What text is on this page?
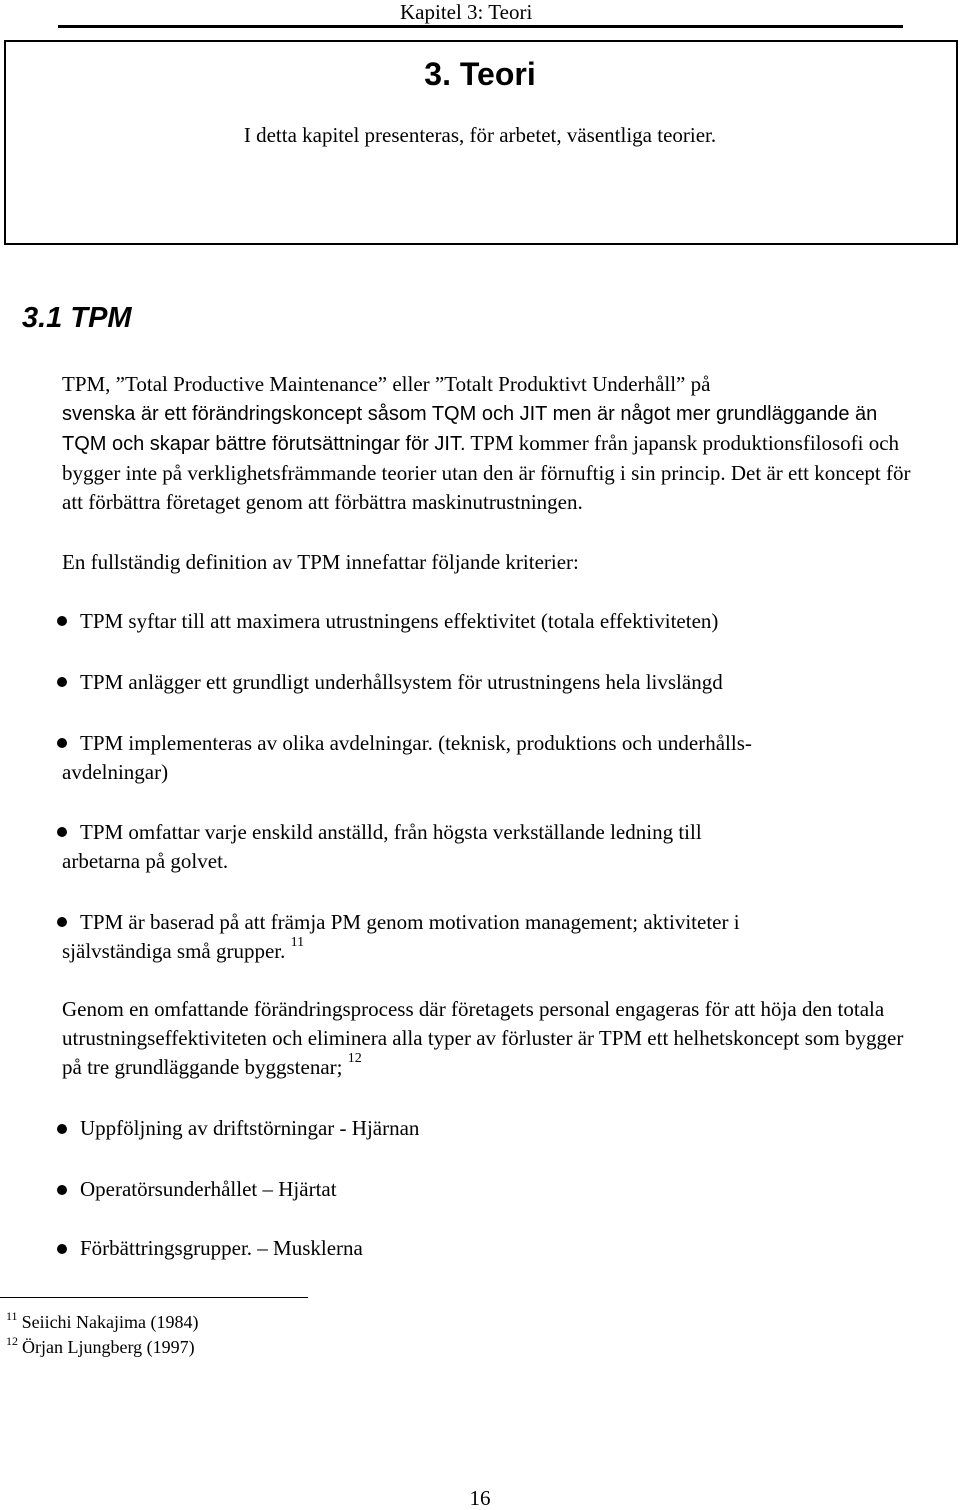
Kapitel 3: Teori
3. Teori
I detta kapitel presenteras, för arbetet, väsentliga teorier.
3.1 TPM
TPM, ”Total Productive Maintenance” eller ”Totalt Produktivt Underhåll” på
svenska är ett förändringskoncept såsom TQM och JIT men är något mer grundläggande än TQM och skapar bättre förutsättningar för JIT. TPM kommer från japansk produktionsfilosofi och bygger inte på verklighetsfrämmande teorier utan den är förnuftig i sin princip. Det är ett koncept för att förbättra företaget genom att förbättra maskinutrustningen.
En fullständig definition av TPM innefattar följande kriterier:
TPM syftar till att maximera utrustningens effektivitet (totala effektiviteten)
TPM anlägger ett grundligt underhållsystem för utrustningens hela livslängd
TPM implementeras av olika avdelningar. (teknisk, produktions och underhålls-
avdelningar)
TPM omfattar varje enskild anställd, från högsta verkställande ledning till
arbetarna på golvet.
TPM är baserad på att främja PM genom motivation management; aktiviteter i
självständiga små grupper. $^{11}$
Genom en omfattande förändringsprocess där företagets personal engageras för att höja den totala utrustningseffektiviteten och eliminera alla typer av förluster är TPM ett helhetskoncept som bygger på tre grundläggande byggstenar; $^{12}$
Uppföljning av driftstörningar - Hjärnan
Operatörsunderhållet – Hjärtat
Förbättringsgrupper. – Musklerna
$^{11}$ Seiichi Nakajima (1984)
$^{12}$ Örjan Ljungberg (1997)
16
